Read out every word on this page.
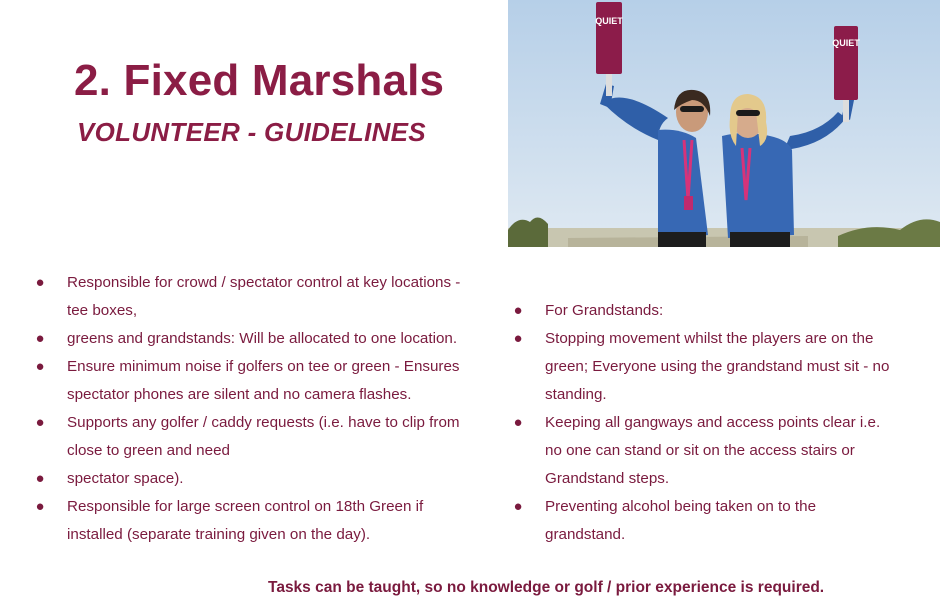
2. Fixed Marshals
VOLUNTEER - GUIDELINES
QUIET
QUIET
● Responsible for crowd / spectator control at key locations -
tee boxes,
● greens and grandstands: Will be allocated to one location.
● Ensure minimum noise if golfers on tee or green - Ensures
spectator phones are silent and no camera flashes.
● Supports any golfer / caddy requests (i.e. have to clip from
close to green and need
● spectator space).
● Responsible for large screen control on 18th Green if
installed (separate training given on the day).
● For Grandstands:
● Stopping movement whilst the players are on the
green; Everyone using the grandstand must sit - no
standing.
● Keeping all gangways and access points clear i.e.
no one can stand or sit on the access stairs or
Grandstand steps.
● Preventing alcohol being taken on to the
grandstand.

Tasks can be taught, so no knowledge or golf / prior experience is required.
